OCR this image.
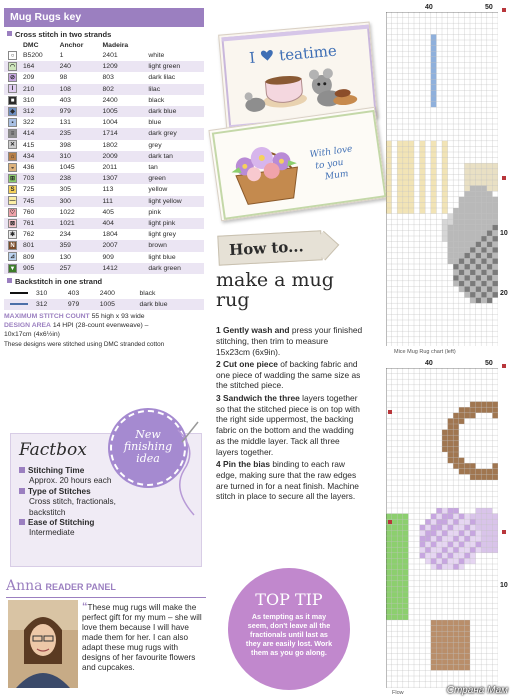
Mug Rugs key
Cross stitch in two strands
	DMC	Anchor	Madeira	
○	B5200	1	2401	white
◠	164	240	1209	light green
⊘	209	98	803	dark lilac
I	210	108	802	lilac
■	310	403	2400	black
◆	312	979	1005	dark blue
▪	322	131	1004	blue
≡	414	235	1714	dark grey
✕	415	398	1802	grey
⌂	434	310	2009	dark tan
◒	436	1045	2011	tan
⊞	703	238	1307	green
S	725	305	113	yellow
—	745	300	111	light yellow
♡	760	1022	405	pink
⊠	761	1021	404	light pink
✱	762	234	1804	light grey
N	801	359	2007	brown
⊿	809	130	909	light blue
▼	905	257	1412	dark green
Backstitch in one strand
	310	403	2400	black
	312	979	1005	dark blue
MAXIMUM STITCH COUNT 55 high x 93 wide
DESIGN AREA 14 HPI (28-count evenweave) –
10x17cm (4x6½in)
These designs were stitched using DMC stranded cotton
I teatime
With loveto youMum
How to...
make a mug rug

1 Gently wash and press your finished stitching, then trim to measure 15x23cm (6x9in).

2 Cut one piece of backing fabric and one piece of wadding the same size as the stitched piece.

3 Sandwich the three layers together so that the stitched piece is on top with the right side uppermost, the backing fabric on the bottom and the wadding as the middle layer. Tack all three layers together.

4 Pin the bias binding to each raw edge, making sure that the raw edges are turned in for a neat finish. Machine stitch in place to secure all the layers.

Factbox
Stitching Time
Approx. 20 hours each
Type of Stitches
Cross stitch, fractionals, backstitch
Ease of Stitching
Intermediate
New finishing idea
Anna READER PANEL
“These mug rugs will make the perfect gift for my mum – she will love them because I will have made them for her. I can also adapt these mug rugs with designs of her favourite flowers and cupcakes.
TOP TIP
As tempting as it may seem, don't leave all the fractionals until last as they are easily lost. Work them as you go along.
40	50
10
20
Mice Mug Rug chart (left)
40	50
10
Flow	Страна Мам
